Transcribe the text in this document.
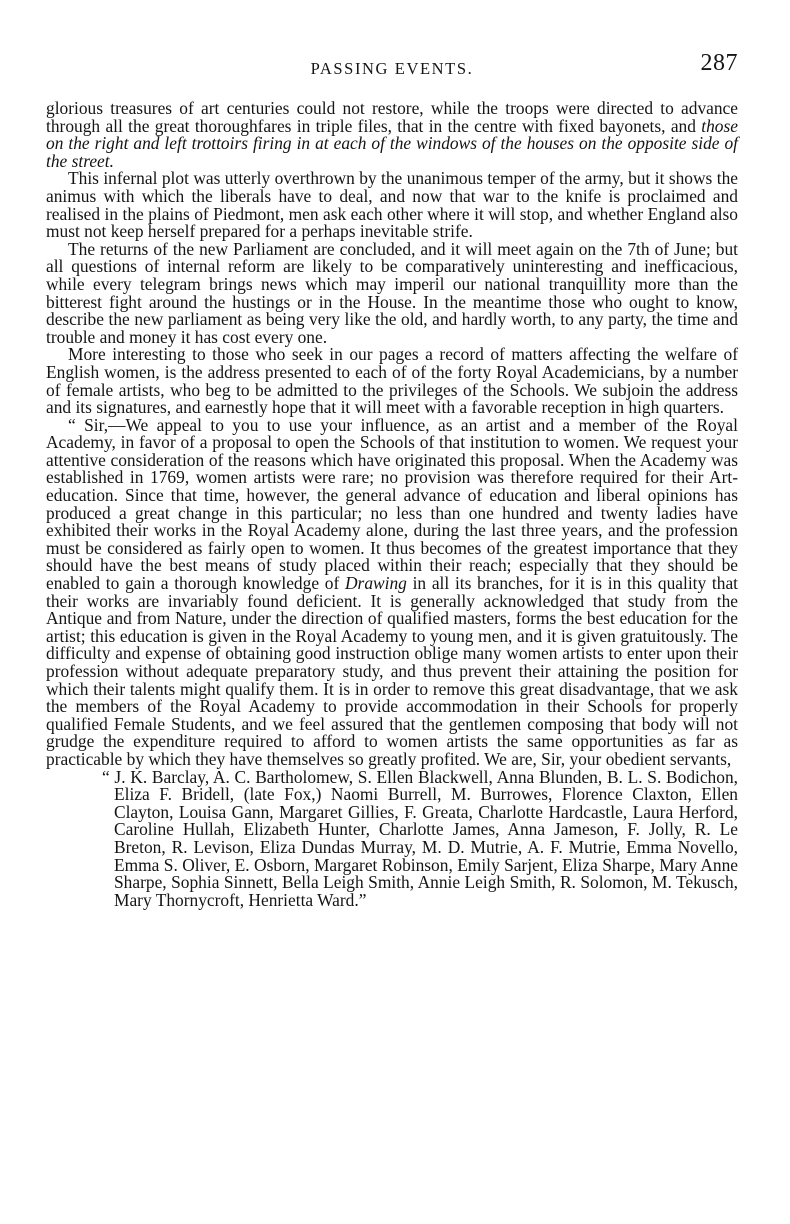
PASSING EVENTS.	287

glorious treasures of art centuries could not restore, while the troops were directed to advance through all the great thoroughfares in triple files, that in the centre with fixed bayonets, and those on the right and left trottoirs firing in at each of the windows of the houses on the opposite side of the street.

This infernal plot was utterly overthrown by the unanimous temper of the army, but it shows the animus with which the liberals have to deal, and now that war to the knife is proclaimed and realised in the plains of Piedmont, men ask each other where it will stop, and whether England also must not keep herself prepared for a perhaps inevitable strife.

The returns of the new Parliament are concluded, and it will meet again on the 7th of June; but all questions of internal reform are likely to be comparatively uninteresting and inefficacious, while every telegram brings news which may imperil our national tranquillity more than the bitterest fight around the hustings or in the House. In the meantime those who ought to know, describe the new parliament as being very like the old, and hardly worth, to any party, the time and trouble and money it has cost every one.

More interesting to those who seek in our pages a record of matters affecting the welfare of English women, is the address presented to each of of the forty Royal Academicians, by a number of female artists, who beg to be admitted to the privileges of the Schools. We subjoin the address and its signatures, and earnestly hope that it will meet with a favorable reception in high quarters.

“ Sir,—We appeal to you to use your influence, as an artist and a member of the Royal Academy, in favor of a proposal to open the Schools of that institution to women. We request your attentive consideration of the reasons which have originated this proposal. When the Academy was established in 1769, women artists were rare; no provision was therefore required for their Art-education. Since that time, however, the general advance of education and liberal opinions has produced a great change in this particular; no less than one hundred and twenty ladies have exhibited their works in the Royal Academy alone, during the last three years, and the profession must be considered as fairly open to women. It thus becomes of the greatest importance that they should have the best means of study placed within their reach; especially that they should be enabled to gain a thorough knowledge of Drawing in all its branches, for it is in this quality that their works are invariably found deficient. It is generally acknowledged that study from the Antique and from Nature, under the direction of qualified masters, forms the best education for the artist; this education is given in the Royal Academy to young men, and it is given gratuitously. The difficulty and expense of obtaining good instruction oblige many women artists to enter upon their profession without adequate preparatory study, and thus prevent their attaining the position for which their talents might qualify them. It is in order to remove this great disadvantage, that we ask the members of the Royal Academy to provide accommodation in their Schools for properly qualified Female Students, and we feel assured that the gentlemen composing that body will not grudge the expenditure required to afford to women artists the same opportunities as far as practicable by which they have themselves so greatly profited. We are, Sir, your obedient servants,

“ J. K. Barclay, A. C. Bartholomew, S. Ellen Blackwell, Anna Blunden, B. L. S. Bodichon, Eliza F. Bridell, (late Fox,) Naomi Burrell, M. Burrowes, Florence Claxton, Ellen Clayton, Louisa Gann, Margaret Gillies, F. Greata, Charlotte Hardcastle, Laura Herford, Caroline Hullah, Elizabeth Hunter, Charlotte James, Anna Jameson, F. Jolly, R. Le Breton, R. Levison, Eliza Dundas Murray, M. D. Mutrie, A. F. Mutrie, Emma Novello, Emma S. Oliver, E. Osborn, Margaret Robinson, Emily Sarjent, Eliza Sharpe, Mary Anne Sharpe, Sophia Sinnett, Bella Leigh Smith, Annie Leigh Smith, R. Solomon, M. Tekusch, Mary Thornycroft, Henrietta Ward.”
